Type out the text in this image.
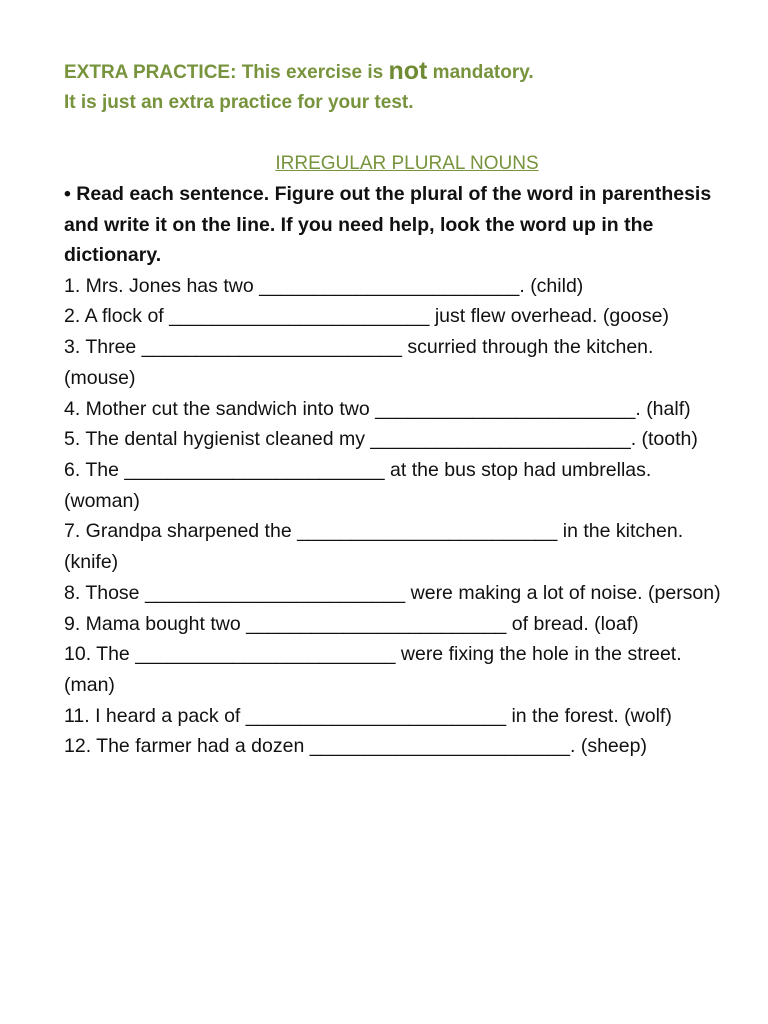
EXTRA PRACTICE: This exercise is not mandatory.
It is just an extra practice for your test.
IRREGULAR PLURAL NOUNS
• Read each sentence. Figure out the plural of the word in parenthesis and write it on the line. If you need help, look the word up in the dictionary.
1. Mrs. Jones has two ________________________. (child)
2. A flock of ________________________ just flew overhead. (goose)
3. Three ________________________ scurried through the kitchen. (mouse)
4. Mother cut the sandwich into two ________________________. (half)
5. The dental hygienist cleaned my ________________________. (tooth)
6. The ________________________ at the bus stop had umbrellas. (woman)
7. Grandpa sharpened the ________________________ in the kitchen. (knife)
8. Those ________________________ were making a lot of noise. (person)
9. Mama bought two ________________________ of bread. (loaf)
10. The ________________________ were fixing the hole in the street. (man)
11. I heard a pack of ________________________ in the forest. (wolf)
12. The farmer had a dozen ________________________. (sheep)
